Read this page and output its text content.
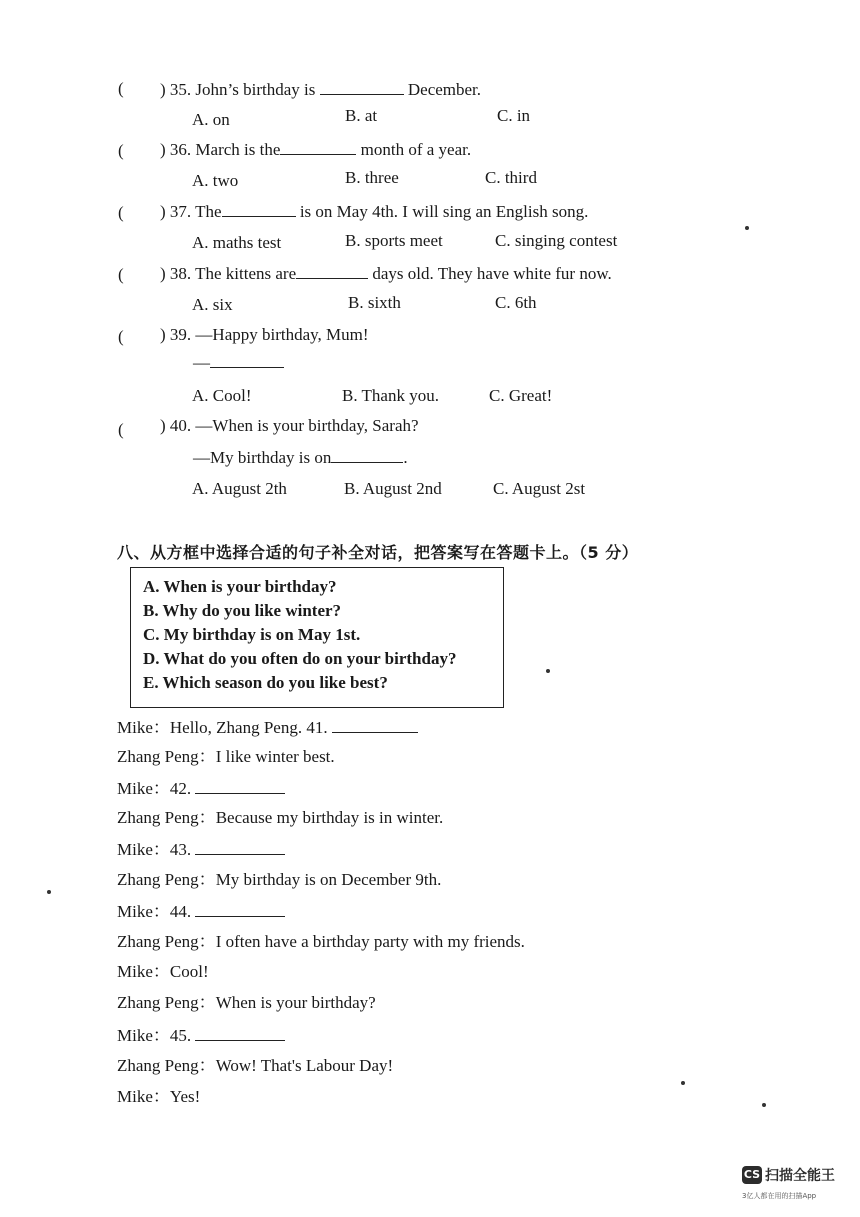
( ) 35. John’s birthday is	December.
A. on	B. at	C. in
( ) 36. March is the	month of a year.
A. two	B. three	C. third
( ) 37. The	is on May 4th. I will sing an English song.
A. maths test	B. sports meet	C. singing contest
( ) 38. The kittens are	days old. They have white fur now.
A. six	B. sixth	C. 6th
( ) 39. —Happy birthday, Mum!
—
A. Cool!	B. Thank you.	C. Great!
( ) 40. —When is your birthday, Sarah?
—My birthday is on	.
A. August 2th	B. August 2nd	C. August 2st
八、从方框中选择合适的句子补全对话，把答案写在答题卡上。（5 分）
A. When is your birthday?
B. Why do you like winter?
C. My birthday is on May 1st.
D. What do you often do on your birthday?
E. Which season do you like best?
Mike：Hello, Zhang Peng. 41.
Zhang Peng：I like winter best.
Mike：42.
Zhang Peng：Because my birthday is in winter.
Mike：43.
Zhang Peng：My birthday is on December 9th.
Mike：44.
Zhang Peng：I often have a birthday party with my friends.
Mike：Cool!
Zhang Peng：When is your birthday?
Mike：45.
Zhang Peng：Wow! That's Labour Day!
Mike：Yes!
CS 扫描全能王
3亿人都在用的扫描App
